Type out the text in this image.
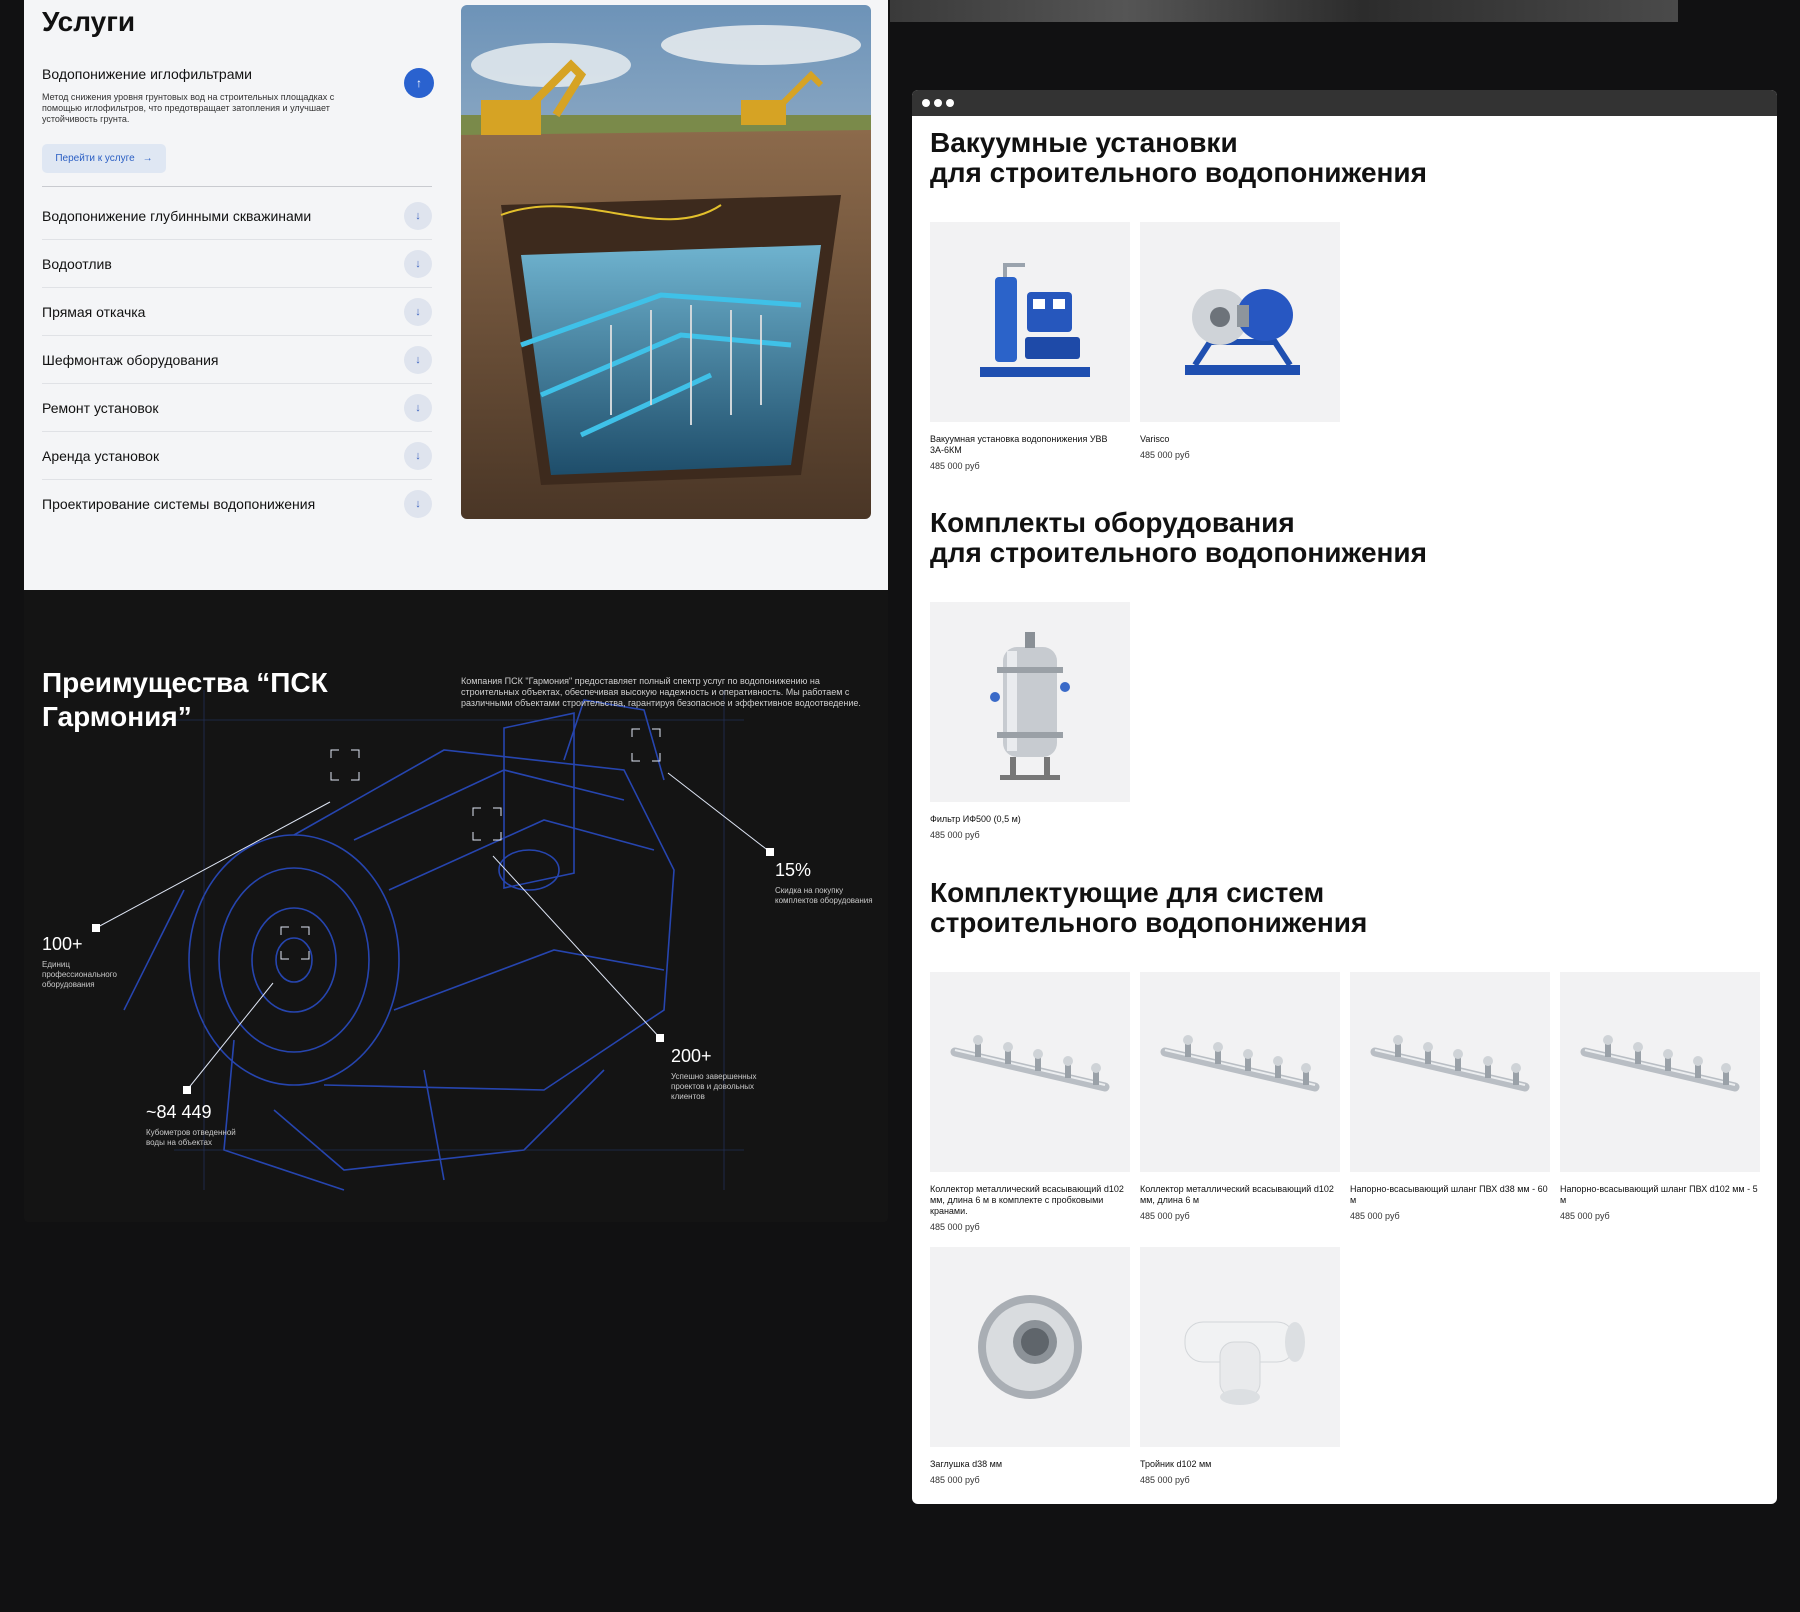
Услуги
Водопонижение иглофильтрами
Метод снижения уровня грунтовых вод на строительных площадках с помощью иглофильтров, что предотвращает затопления и улучшает устойчивость грунта.
↑
Перейти к услуге →
Водопонижение глубинными скважинами	↓
Водоотлив	↓
Прямая откачка	↓
Шефмонтаж оборудования	↓
Ремонт установок	↓
Аренда установок	↓
Проектирование системы водопонижения	↓
Преимущества “ПСК Гармония”

Компания ПСК "Гармония" предоставляет полный спектр услуг по водопонижению на строительных объектах, обеспечивая высокую надежность и оперативность. Мы работаем с различными объектами строительства, гарантируя безопасное и эффективное водоотведение.

100+
Единиц профессионального оборудования
~84 449
Кубометров отведенной воды на объектах
200+
Успешно завершенных проектов и довольных клиентов
15%
Скидка на покупку комплектов оборудования
Вакуумные установки
для строительного водопонижения
Вакуумная установка водопонижения УВВ 3А-6КМ
485 000 руб
Varisco
485 000 руб
Комплекты оборудования
для строительного водопонижения
Фильтр ИФ500 (0,5 м)
485 000 руб
Комплектующие для систем
строительного водопонижения
Коллектор металлический всасывающий d102 мм, длина 6 м в комплекте с пробковыми кранами.
485 000 руб
Коллектор металлический всасывающий d102 мм, длина 6 м
485 000 руб
Напорно-всасывающий шланг ПВХ d38 мм - 60 м
485 000 руб
Напорно-всасывающий шланг ПВХ d102 мм - 5 м
485 000 руб
Заглушка d38 мм
485 000 руб
Тройник d102 мм
485 000 руб
